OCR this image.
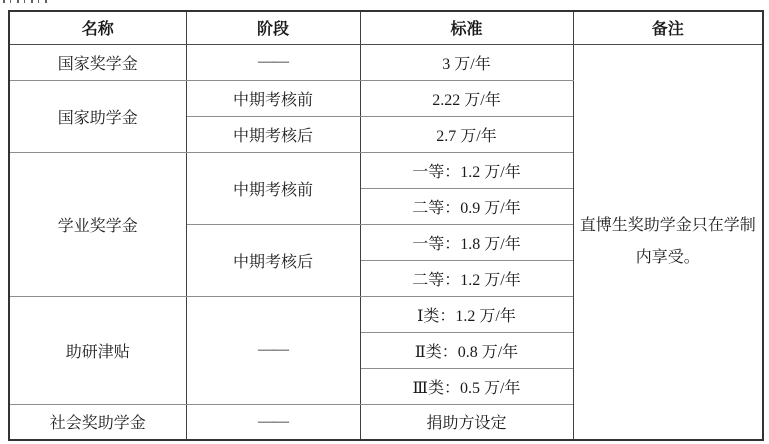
名称	阶段	标准	备注
国家奖学金	——	3 万/年	直博生奖助学金只在学制内享受。
国家助学金	中期考核前	2.22 万/年	
	中期考核后	2.7 万/年	
学业奖学金	中期考核前	一等：1.2 万/年	
		二等：0.9 万/年	
	中期考核后	一等：1.8 万/年	
		二等：1.2 万/年	
助研津贴	——	Ⅰ类：1.2 万/年	
		Ⅱ类：0.8 万/年	
		Ⅲ类：0.5 万/年	
社会奖助学金	——	捐助方设定	
